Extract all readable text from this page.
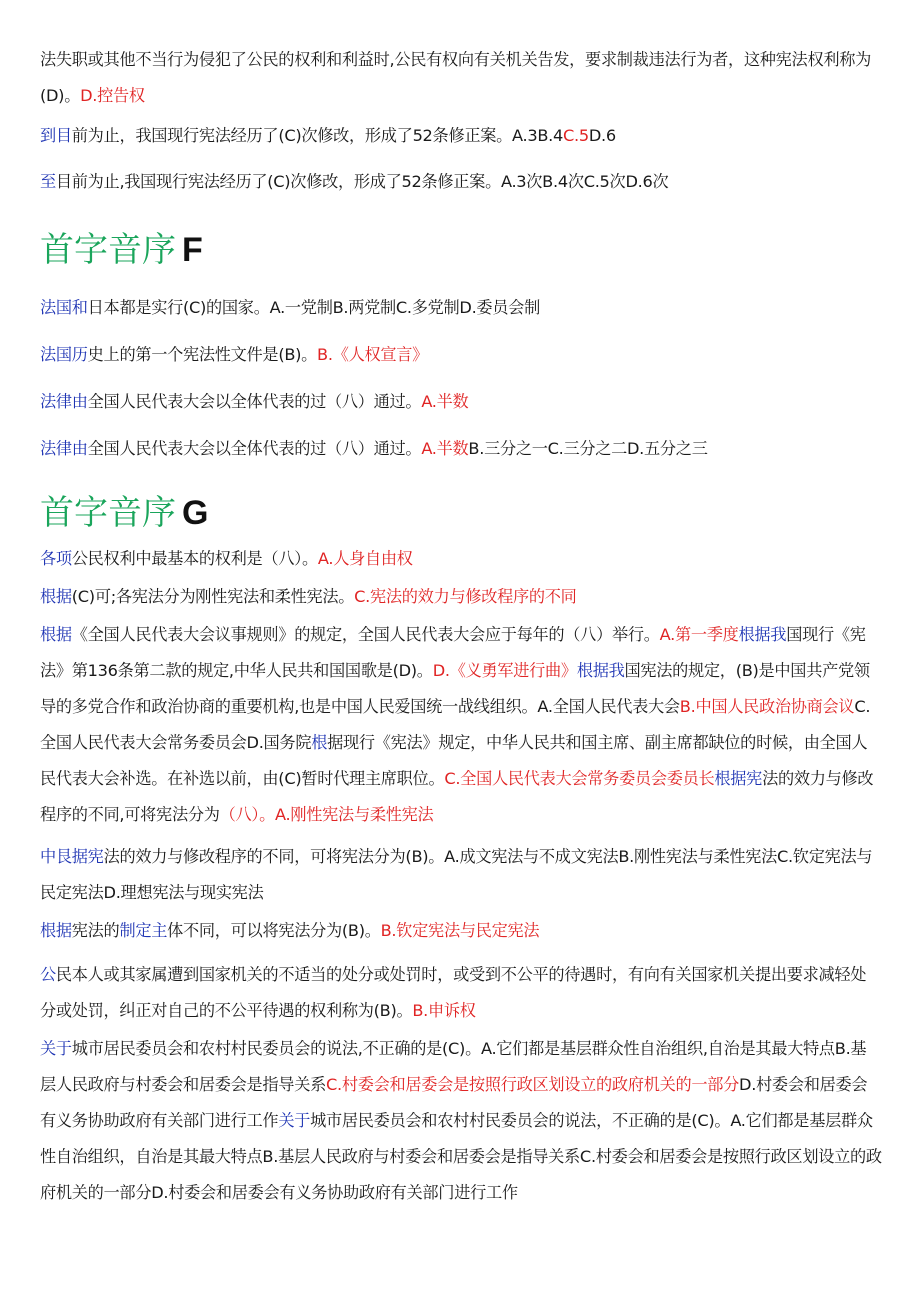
法失职或其他不当行为侵犯了公民的权利和利益时,公民有权向有关机关告发，要求制裁违法行为者，这种宪法权利称为(D)。D.控告权

到目前为止，我国现行宪法经历了(C)次修改，形成了52条修正案。A.3B.4C.5D.6

至目前为止,我国现行宪法经历了(C)次修改，形成了52条修正案。A.3次B.4次C.5次D.6次

首字音序 F

法国和日本都是实行(C)的国家。A.一党制B.两党制C.多党制D.委员会制

法国历史上的第一个宪法性文件是(B)。B.《人权宣言》

法律由全国人民代表大会以全体代表的过（八）通过。A.半数

法律由全国人民代表大会以全体代表的过（八）通过。A.半数B.三分之一C.三分之二D.五分之三

首字音序 G

各项公民权利中最基本的权利是（八）。A.人身自由权

根据(C)可;各宪法分为刚性宪法和柔性宪法。C.宪法的效力与修改程序的不同

根据《全国人民代表大会议事规则》的规定，全国人民代表大会应于每年的（八）举行。A.第一季度根据我国现行《宪法》第136条第二款的规定,中华人民共和国国歌是(D)。D.《义勇军进行曲》根据我国宪法的规定，(B)是中国共产党领导的多党合作和政治协商的重要机构,也是中国人民爱国统一战线组织。A.全国人民代表大会B.中国人民政治协商会议C.全国人民代表大会常务委员会D.国务院根据现行《宪法》规定，中华人民共和国主席、副主席都缺位的时候，由全国人民代表大会补选。在补选以前，由(C)暂时代理主席职位。C.全国人民代表大会常务委员会委员长根据宪法的效力与修改程序的不同,可将宪法分为（八）。A.刚性宪法与柔性宪法

中艮据宪法的效力与修改程序的不同，可将宪法分为(B)。A.成文宪法与不成文宪法B.刚性宪法与柔性宪法C.钦定宪法与民定宪法D.理想宪法与现实宪法

根据宪法的制定主体不同，可以将宪法分为(B)。B.钦定宪法与民定宪法

公民本人或其家属遭到国家机关的不适当的处分或处罚时，或受到不公平的待遇时，有向有关国家机关提出要求减轻处分或处罚，纠正对自己的不公平待遇的权利称为(B)。B.申诉权

关于城市居民委员会和农村村民委员会的说法,不正确的是(C)。A.它们都是基层群众性自治组织,自治是其最大特点B.基层人民政府与村委会和居委会是指导关系C.村委会和居委会是按照行政区划设立的政府机关的一部分D.村委会和居委会有义务协助政府有关部门进行工作关于城市居民委员会和农村村民委员会的说法，不正确的是(C)。A.它们都是基层群众性自治组织，自治是其最大特点B.基层人民政府与村委会和居委会是指导关系C.村委会和居委会是按照行政区划设立的政府机关的一部分D.村委会和居委会有义务协助政府有关部门进行工作
